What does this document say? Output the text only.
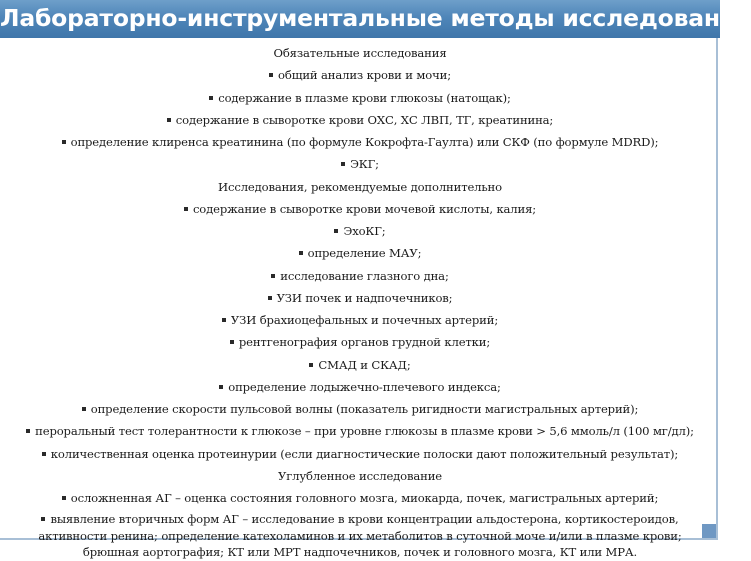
Лабораторно-инструментальные методы исследования
Обязательные исследования
общий анализ крови и мочи;
содержание в плазме крови глюкозы (натощак);
содержание в сыворотке крови ОХС, ХС ЛВП, ТГ, креатинина;
определение клиренса креатинина (по формуле Кокрофта-Гаулта) или СКФ (по формуле MDRD);
ЭКГ;
Исследования, рекомендуемые дополнительно
содержание в сыворотке крови мочевой кислоты, калия;
ЭхоКГ;
определение МАУ;
исследование глазного дна;
УЗИ почек и надпочечников;
УЗИ брахиоцефальных и почечных артерий;
рентгенография органов грудной клетки;
СМАД и СКАД;
определение лодыжечно-плечевого индекса;
определение скорости пульсовой волны (показатель ригидности магистральных артерий);
пероральный тест толерантности к глюкозе – при уровне глюкозы в плазме крови > 5,6 ммоль/л (100 мг/дл);
количественная оценка протеинурии (если диагностические полоски дают положительный результат);
Углубленное исследование
осложненная АГ – оценка состояния головного мозга, миокарда, почек, магистральных артерий;
выявление вторичных форм АГ – исследование в крови концентрации альдостерона, кортикостероидов, активности ренина; определение катехоламинов и их метаболитов в суточной моче и/или в плазме крови; брюшная аортография; КТ или МРТ надпочечников, почек и головного мозга, КТ или МРА.
